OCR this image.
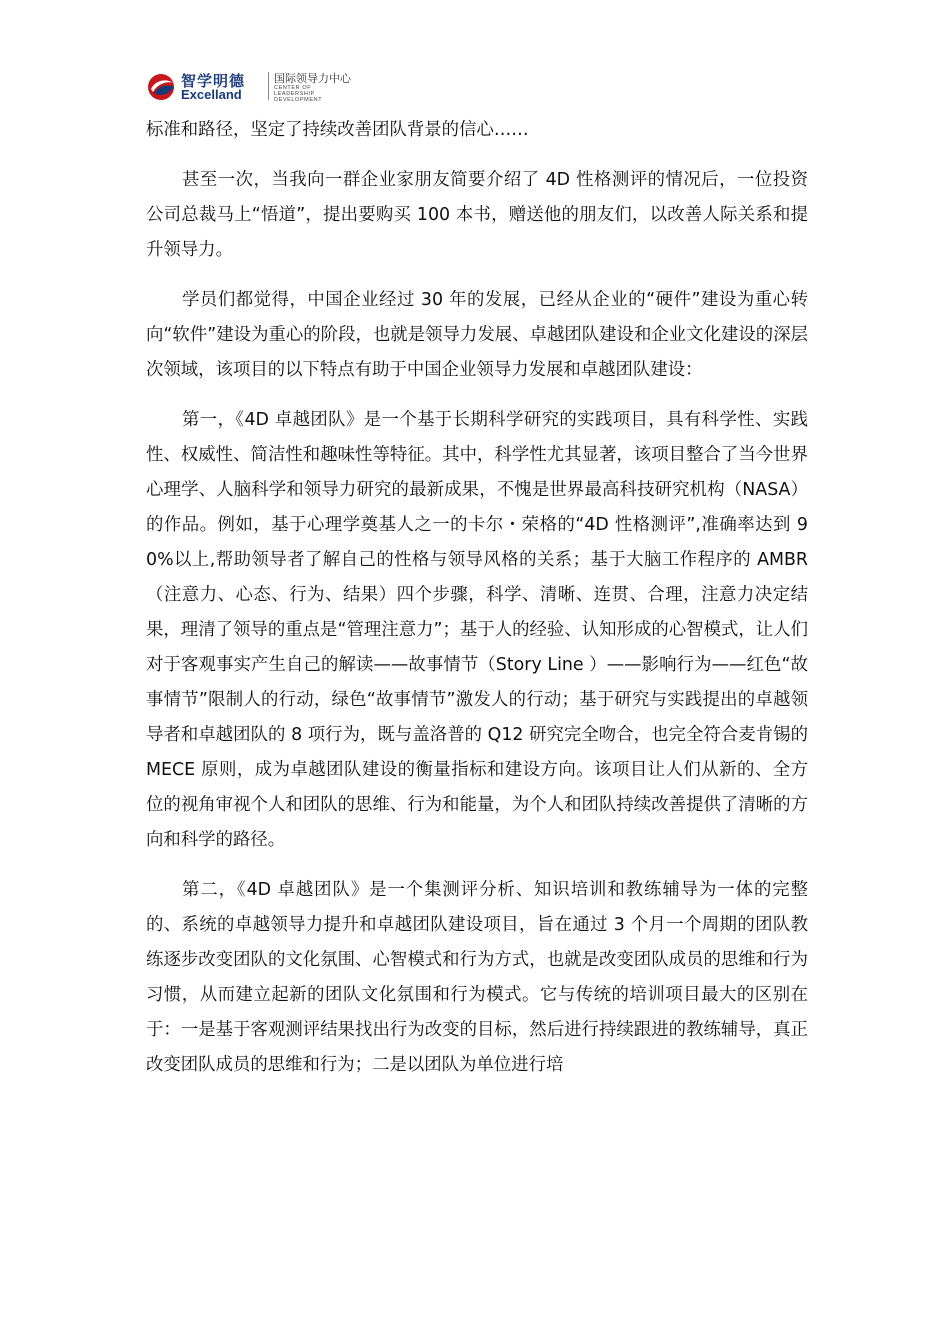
智学明德
Excelland
国际领导力中心
CENTER OF LEADERSHIP DEVELOPMENT

标准和路径，坚定了持续改善团队背景的信心……

甚至一次，当我向一群企业家朋友简要介绍了 4D 性格测评的情况后，一位投资公司总裁马上“悟道”，提出要购买 100 本书，赠送他的朋友们，以改善人际关系和提升领导力。

学员们都觉得，中国企业经过 30 年的发展，已经从企业的“硬件”建设为重心转向“软件”建设为重心的阶段，也就是领导力发展、卓越团队建设和企业文化建设的深层次领域，该项目的以下特点有助于中国企业领导力发展和卓越团队建设：

第一，《4D 卓越团队》是一个基于长期科学研究的实践项目，具有科学性、实践性、权威性、简洁性和趣味性等特征。其中，科学性尤其显著，该项目整合了当今世界心理学、人脑科学和领导力研究的最新成果，不愧是世界最高科技研究机构（NASA）的作品。例如，基于心理学奠基人之一的卡尔・荣格的“4D 性格测评”,准确率达到 90%以上,帮助领导者了解自己的性格与领导风格的关系；基于大脑工作程序的 AMBR（注意力、心态、行为、结果）四个步骤，科学、清晰、连贯、合理，注意力决定结果，理清了领导的重点是“管理注意力”；基于人的经验、认知形成的心智模式，让人们对于客观事实产生自己的解读——故事情节（Story Line ）——影响行为——红色“故事情节”限制人的行动，绿色“故事情节”激发人的行动；基于研究与实践提出的卓越领导者和卓越团队的 8 项行为，既与盖洛普的 Q12 研究完全吻合，也完全符合麦肯锡的 MECE 原则，成为卓越团队建设的衡量指标和建设方向。该项目让人们从新的、全方位的视角审视个人和团队的思维、行为和能量，为个人和团队持续改善提供了清晰的方向和科学的路径。

第二，《4D 卓越团队》是一个集测评分析、知识培训和教练辅导为一体的完整的、系统的卓越领导力提升和卓越团队建设项目，旨在通过 3 个月一个周期的团队教练逐步改变团队的文化氛围、心智模式和行为方式，也就是改变团队成员的思维和行为习惯，从而建立起新的团队文化氛围和行为模式。它与传统的培训项目最大的区别在于：一是基于客观测评结果找出行为改变的目标，然后进行持续跟进的教练辅导，真正改变团队成员的思维和行为；二是以团队为单位进行培
